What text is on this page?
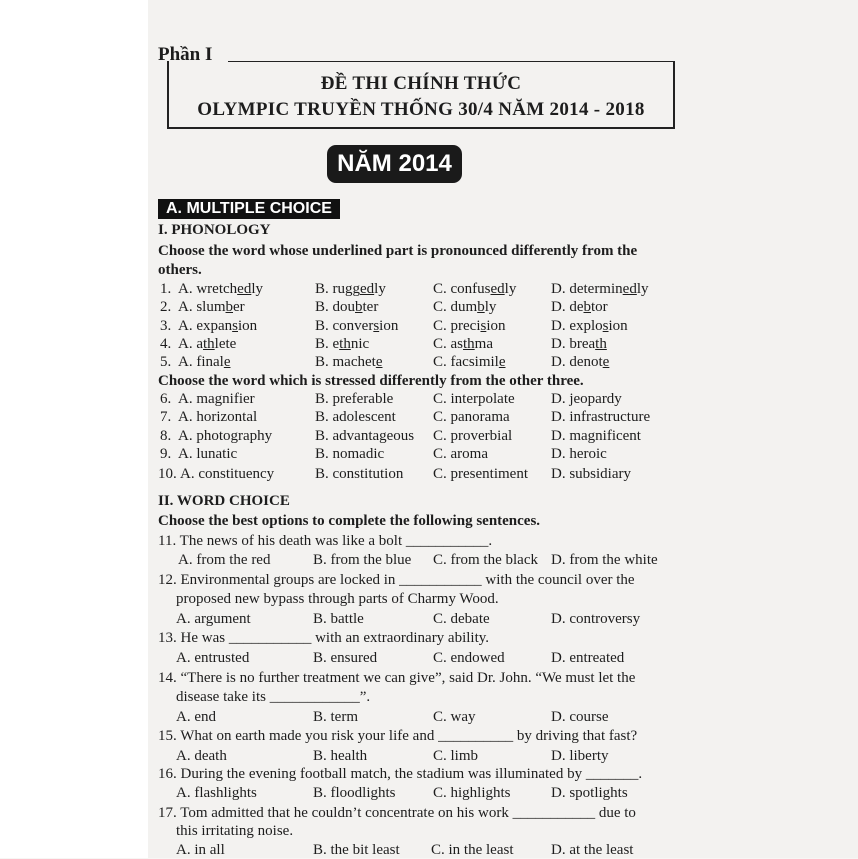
Phần I
ĐỀ THI CHÍNH THỨC
OLYMPIC TRUYỀN THỐNG 30/4 NĂM 2014 - 2018
NĂM 2014
A. MULTIPLE CHOICE
I. PHONOLOGY
Choose the word whose underlined part is pronounced differently from the
others.
1. A. wretchedly	B. ruggedly	C. confusedly D. determinedly
2. A. slumber	B. doubter	C. dumbly	D. debtor
3. A. expansion	B. conversion C. precision	D. explosion
4. A. athlete	B. ethnic	C. asthma	D. breath
5. A. finale	B. machete	C. facsimile	D. denote
Choose the word which is stressed differently from the other three.
6. A. magnifier	B. preferable	C. interpolate D. jeopardy
7. A. horizontal	B. adolescent C. panorama	D. infrastructure
8. A. photography	B. advantageous C. proverbial	D. magnificent
9. A. lunatic	B. nomadic	C. aroma	D. heroic
10. A. constituency	B. constitution C. presentiment D. subsidiary
II. WORD CHOICE
Choose the best options to complete the following sentences.
11. The news of his death was like a bolt ___________.
A. from the red	B. from the blue C. from the black D. from the white
12. Environmental groups are locked in ___________ with the council over the
proposed new bypass through parts of Charmy Wood.
A. argument	B. battle	C. debate	D. controversy
13. He was ___________ with an extraordinary ability.
A. entrusted	B. ensured	C. endowed	D. entreated
14. “There is no further treatment we can give”, said Dr. John. “We must let the
disease take its ____________”.
A. end	B. term	C. way	D. course
15. What on earth made you risk your life and __________ by driving that fast?
A. death	B. health	C. limb	D. liberty
16. During the evening football match, the stadium was illuminated by _______.
A. flashlights	B. floodlights C. highlights	D. spotlights
17. Tom admitted that he couldn’t concentrate on his work ___________ due to
this irritating noise.
A. in all	B. the bit least C. in the least	D. at the least
